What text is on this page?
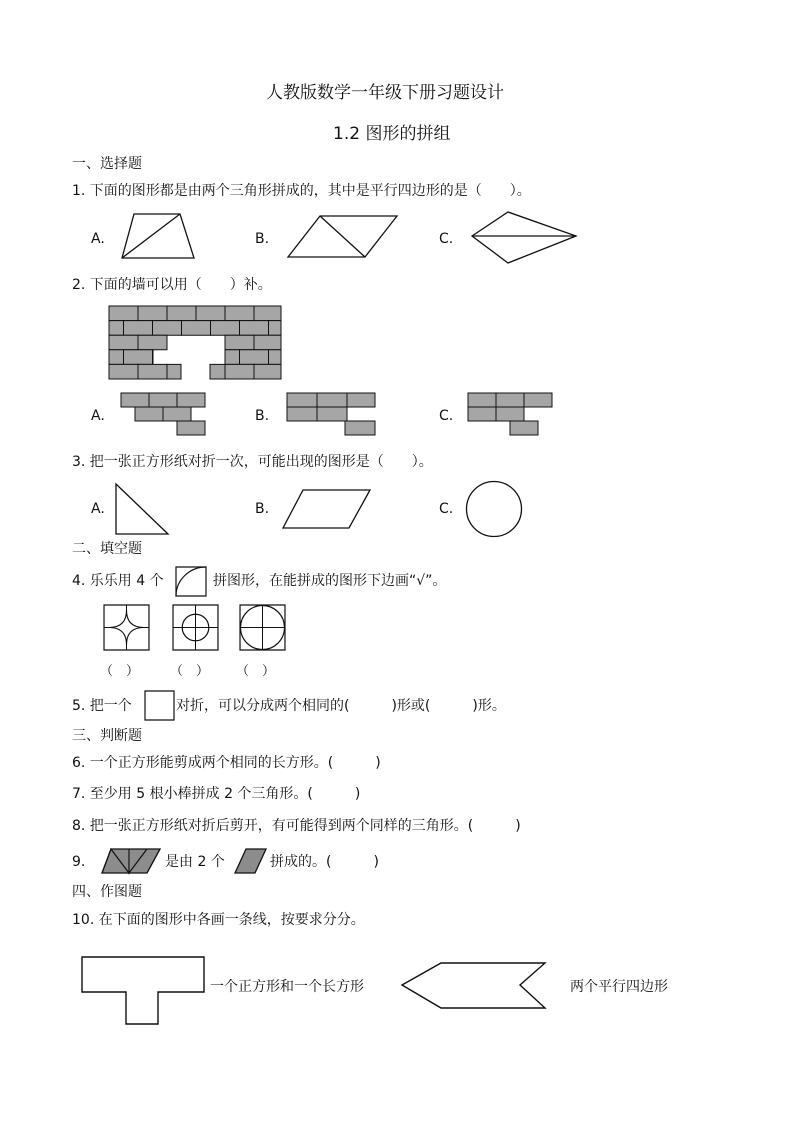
人教版数学一年级下册习题设计
1.2 图形的拼组
一、选择题
1. 下面的图形都是由两个三角形拼成的，其中是平行四边形的是（　　）。
A.	B.	C.
2. 下面的墙可以用（　　）补。
A.	B.	C.
3. 把一张正方形纸对折一次，可能出现的图形是（　　）。
A.	B.	C.
二、填空题
4. 乐乐用 4 个	拼图形，在能拼成的图形下边画“√”。
（　） （　） （　）
5. 把一个	对折，可以分成两个相同的(　　　)形或(　　　)形。
三、判断题
6. 一个正方形能剪成两个相同的长方形。(　　　)
7. 至少用 5 根小棒拼成 2 个三角形。(　　　)
8. 把一张正方形纸对折后剪开，有可能得到两个同样的三角形。(　　　)
9.	是由 2 个	拼成的。(　　　)
四、作图题
10. 在下面的图形中各画一条线，按要求分分。
一个正方形和一个长方形	两个平行四边形
